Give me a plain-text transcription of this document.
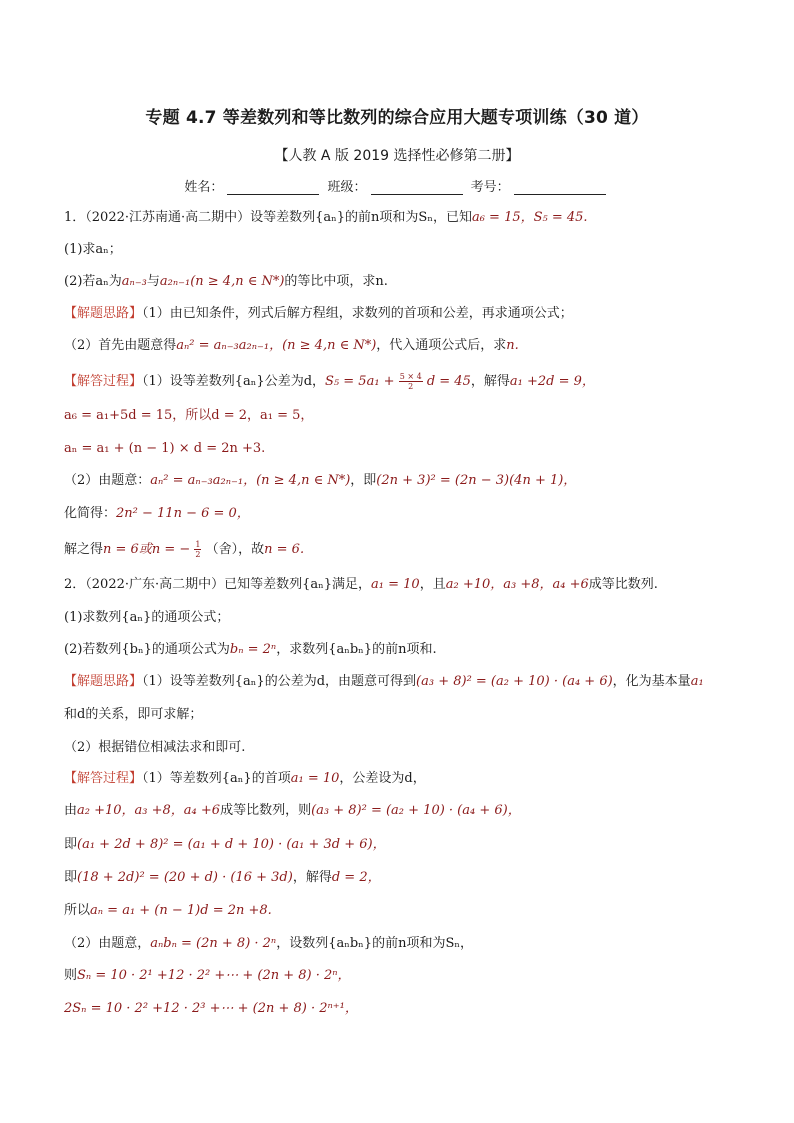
专题 4.7 等差数列和等比数列的综合应用大题专项训练（30 道）
【人教 A 版 2019 选择性必修第二册】
姓名：	班级：	考号：
1．（2022·江苏南通·高二期中）设等差数列{aₙ}的前n项和为Sₙ，已知a₆ = 15，S₅ = 45.
(1)求aₙ；
(2)若aₙ为aₙ₋₃与a₂ₙ₋₁(n ≥ 4,n ∈ N*)的等比中项，求n.
【解题思路】（1）由已知条件，列式后解方程组，求数列的首项和公差，再求通项公式；
（2）首先由题意得aₙ² = aₙ₋₃a₂ₙ₋₁，(n ≥ 4,n ∈ N*)，代入通项公式后，求n.
【解答过程】（1）设等差数列{aₙ}公差为d，$S_5 = 5a_1 + \frac{5 \times 4}{2}$ d = 45，解得a₁ +2d = 9，
a₆ = a₁+5d = 15，所以d = 2，a₁ = 5，
aₙ = a₁ + (n − 1) × d = 2n +3.
（2）由题意：aₙ² = aₙ₋₃a₂ₙ₋₁，(n ≥ 4,n ∈ N*)，即(2n + 3)² = (2n − 3)(4n + 1)，
化简得：2n² − 11n − 6 = 0，
解之得n = 6或n = − $\frac{1}{2}$ （舍），故n = 6.
2．（2022·广东·高二期中）已知等差数列{aₙ}满足，a₁ = 10，且a₂ +10，a₃ +8，a₄ +6成等比数列.
(1)求数列{aₙ}的通项公式；
(2)若数列{bₙ}的通项公式为bₙ = 2ⁿ，求数列{aₙbₙ}的前n项和.
【解题思路】（1）设等差数列{aₙ}的公差为d，由题意可得到(a₃ + 8)² = (a₂ + 10) · (a₄ + 6)，化为基本量a₁
和d的关系，即可求解；
（2）根据错位相减法求和即可.
【解答过程】（1）等差数列{aₙ}的首项a₁ = 10，公差设为d，
由a₂ +10，a₃ +8，a₄ +6成等比数列，则(a₃ + 8)² = (a₂ + 10) · (a₄ + 6)，
即(a₁ + 2d + 8)² = (a₁ + d + 10) · (a₁ + 3d + 6)，
即(18 + 2d)² = (20 + d) · (16 + 3d)，解得d = 2，
所以aₙ = a₁ + (n − 1)d = 2n +8.
（2）由题意，aₙbₙ = (2n + 8) · 2ⁿ，设数列{aₙbₙ}的前n项和为Sₙ，
则Sₙ = 10 · 2¹ +12 · 2² +⋯ + (2n + 8) · 2ⁿ，
2Sₙ = 10 · 2² +12 · 2³ +⋯ + (2n + 8) · 2ⁿ⁺¹，
